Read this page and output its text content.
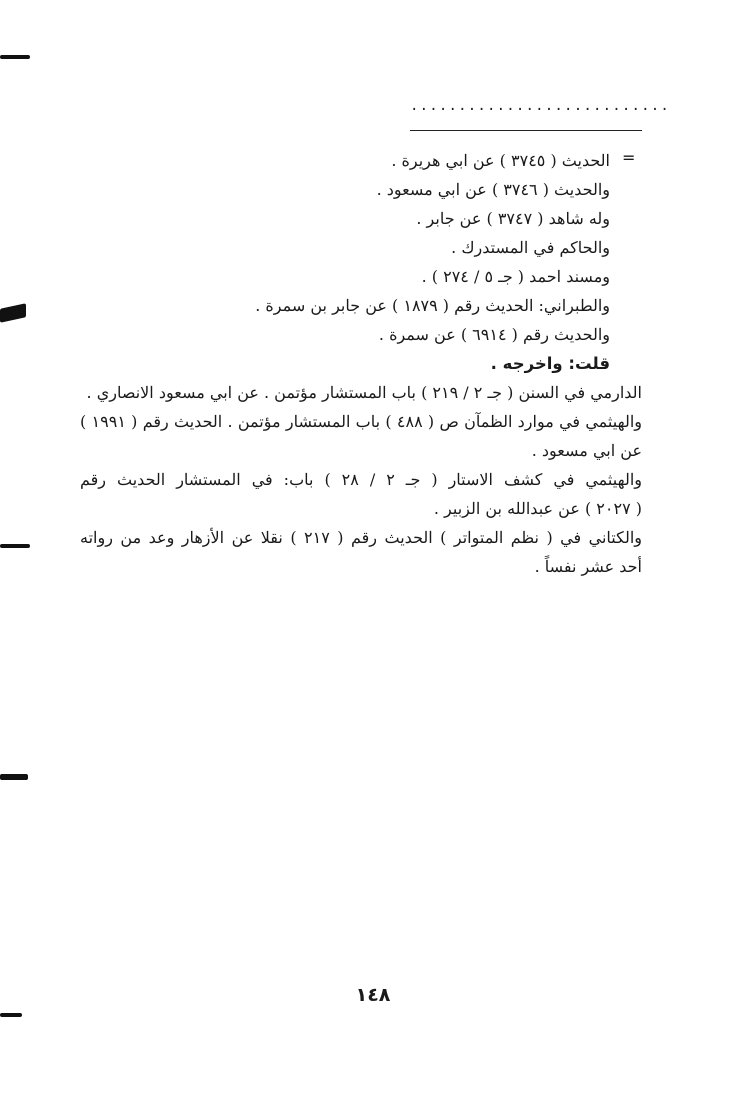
...........................
=

الحديث ( ٣٧٤٥ ) عن ابي هريرة .

والحديث ( ٣٧٤٦ ) عن ابي مسعود .

وله شاهد ( ٣٧٤٧ ) عن جابر .

والحاكم في المستدرك .

ومسند احمد ( جـ ٥ / ٢٧٤ ) .

والطبراني: الحديث رقم ( ١٨٧٩ ) عن جابر بن سمرة .

والحديث رقم ( ٦٩١٤ ) عن سمرة .

قلت: واخرجه .

الدارمي في السنن ( جـ ٢ / ٢١٩ ) باب المستشار مؤتمن . عن ابي مسعود الانصاري .

والهيثمي في موارد الظمآن ص ( ٤٨٨ ) باب المستشار مؤتمن . الحديث رقم ( ١٩٩١ )

عن ابي مسعود .

والهيثمي في كشف الاستار ( جـ ٢ / ٢٨ ) باب: في المستشار الحديث رقم

( ٢٠٢٧ ) عن عبدالله بن الزبير .

والكتاني في ( نظم المتواتر ) الحديث رقم ( ٢١٧ ) نقلا عن الأزهار وعد من رواته

أحد عشر نفساً .

١٤٨
